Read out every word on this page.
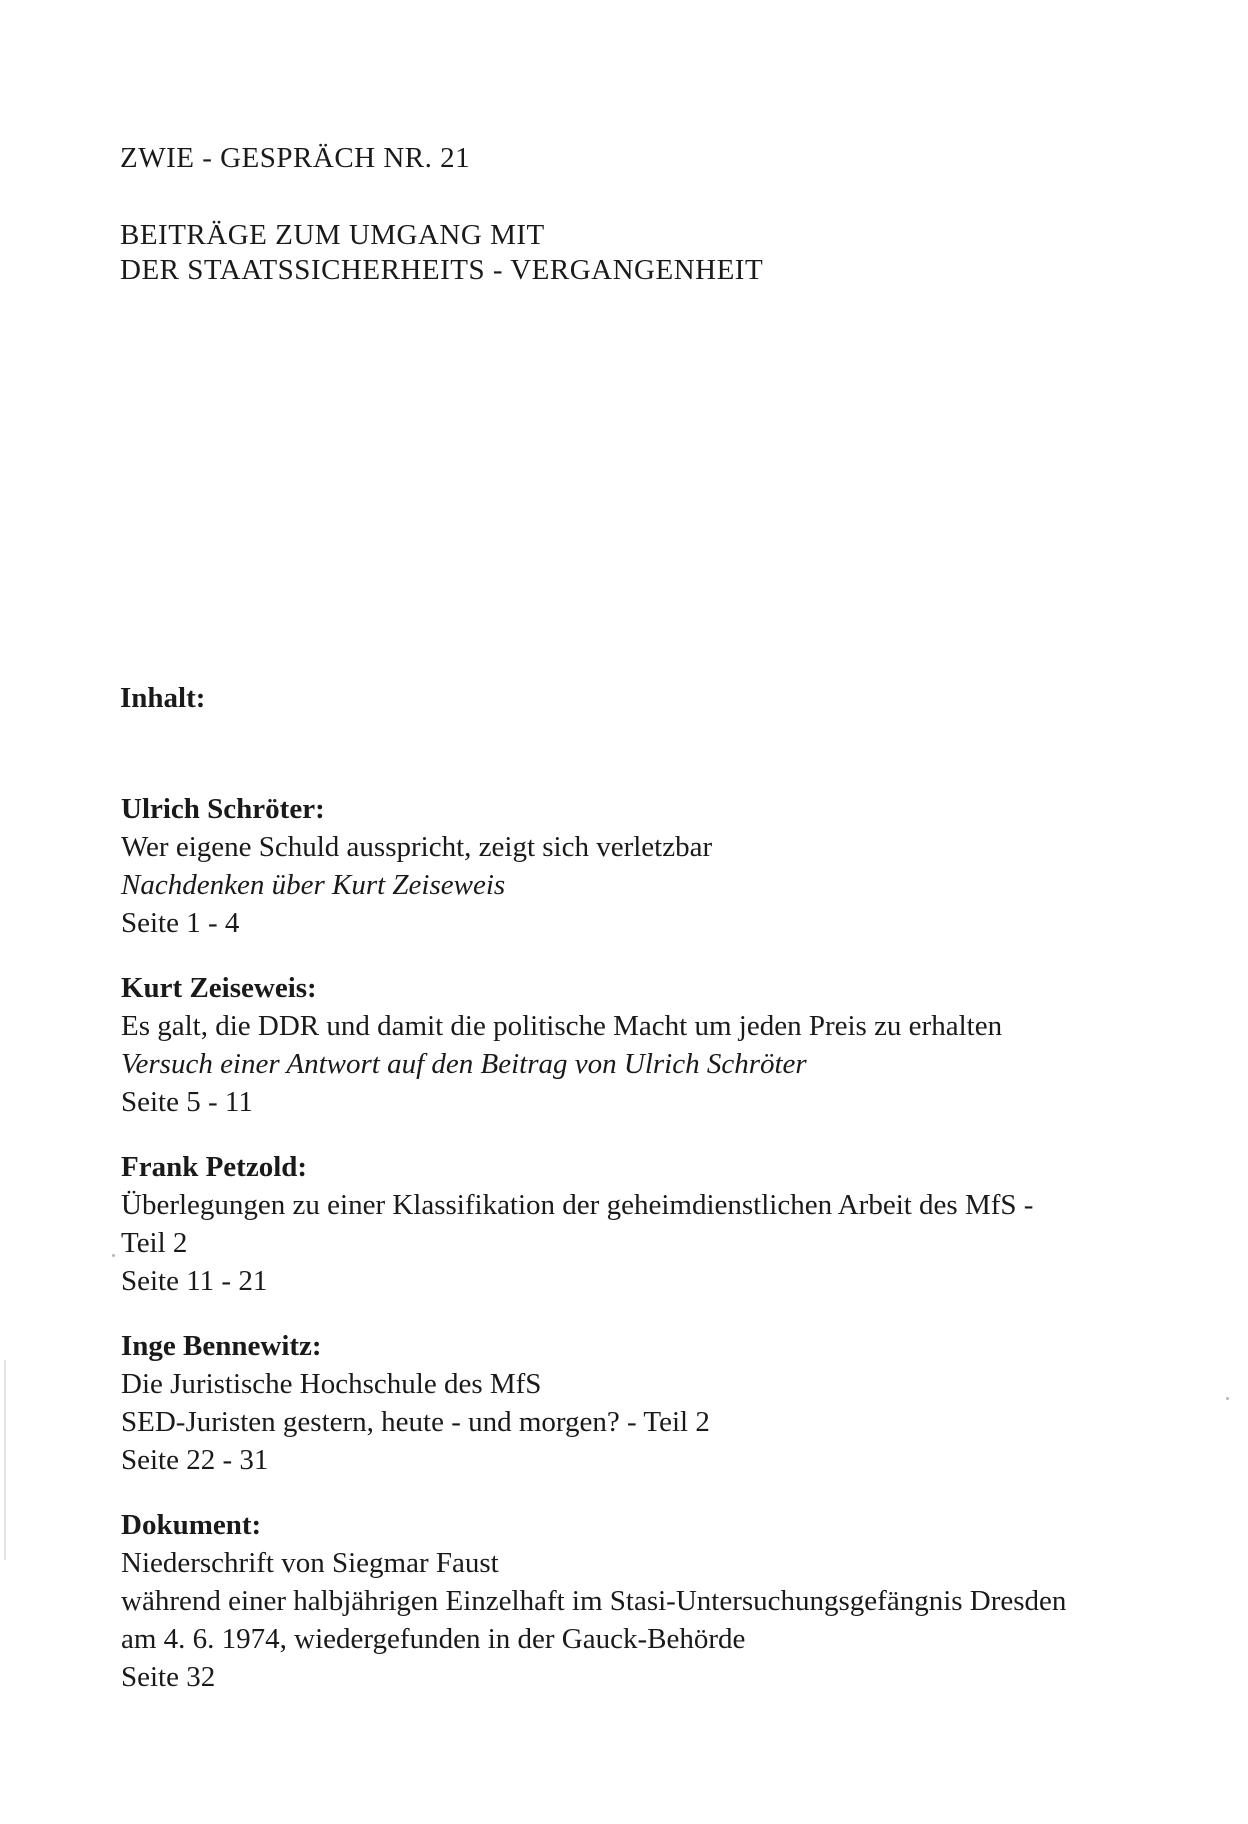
ZWIE - GESPRÄCH NR. 21
BEITRÄGE ZUM UMGANG MIT
DER STAATSSICHERHEITS - VERGANGENHEIT
Inhalt:
Ulrich Schröter:
Wer eigene Schuld ausspricht, zeigt sich verletzbar
Nachdenken über Kurt Zeiseweis
Seite 1 - 4
Kurt Zeiseweis:
Es galt, die DDR und damit die politische Macht um jeden Preis zu erhalten
Versuch einer Antwort auf den Beitrag von Ulrich Schröter
Seite 5 - 11
Frank Petzold:
Überlegungen zu einer Klassifikation der geheimdienstlichen Arbeit des MfS -
Teil 2
Seite 11 - 21
Inge Bennewitz:
Die Juristische Hochschule des MfS
SED-Juristen gestern, heute - und morgen? - Teil 2
Seite 22 - 31
Dokument:
Niederschrift von Siegmar Faust
während einer halbjährigen Einzelhaft im Stasi-Untersuchungsgefängnis Dresden
am 4. 6. 1974, wiedergefunden in der Gauck-Behörde
Seite 32
